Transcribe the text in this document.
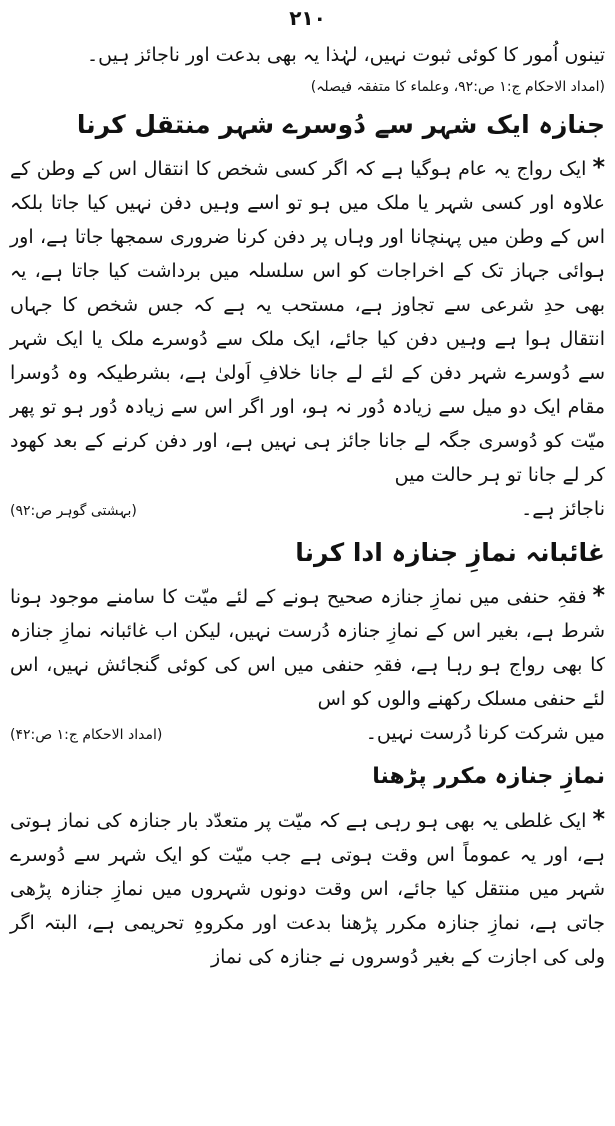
۲۱۰

تینوں اُمور کا کوئی ثبوت نہیں، لہٰذا یہ بھی بدعت اور ناجائز ہیں۔

(امداد الاحکام ج:۱ ص:۹۲، وعلماء کا متفقہ فیصلہ)
جنازہ ایک شہر سے دُوسرے شہر منتقل کرنا

*ایک رواج یہ عام ہوگیا ہے کہ اگر کسی شخص کا انتقال اس کے وطن کے علاوہ اور کسی شہر یا ملک میں ہو تو اسے وہیں دفن نہیں کیا جاتا بلکہ اس کے وطن میں پہنچانا اور وہاں پر دفن کرنا ضروری سمجھا جاتا ہے، اور ہوائی جہاز تک کے اخراجات کو اس سلسلہ میں برداشت کیا جاتا ہے، یہ بھی حدِ شرعی سے تجاوز ہے، مستحب یہ ہے کہ جس شخص کا جہاں انتقال ہوا ہے وہیں دفن کیا جائے، ایک ملک سے دُوسرے ملک یا ایک شہر سے دُوسرے شہر دفن کے لئے لے جانا خلافِ اَولیٰ ہے، بشرطیکہ وہ دُوسرا مقام ایک دو میل سے زیادہ دُور نہ ہو، اور اگر اس سے زیادہ دُور ہو تو پھر میّت کو دُوسری جگہ لے جانا جائز ہی نہیں ہے، اور دفن کرنے کے بعد کھود کر لے جانا تو ہر حالت میں

ناجائز ہے۔
(بہشتی گوہر ص:۹۲)
غائبانہ نمازِ جنازہ ادا کرنا

*فقہِ حنفی میں نمازِ جنازہ صحیح ہونے کے لئے میّت کا سامنے موجود ہونا شرط ہے، بغیر اس کے نمازِ جنازہ دُرست نہیں، لیکن اب غائبانہ نمازِ جنازہ کا بھی رواج ہو رہا ہے، فقہِ حنفی میں اس کی کوئی گنجائش نہیں، اس لئے حنفی مسلک رکھنے والوں کو اس

میں شرکت کرنا دُرست نہیں۔
(امداد الاحکام ج:۱ ص:۴۲)
نمازِ جنازہ مکرر پڑھنا

*ایک غلطی یہ بھی ہو رہی ہے کہ میّت پر متعدّد بار جنازہ کی نماز ہوتی ہے، اور یہ عموماً اس وقت ہوتی ہے جب میّت کو ایک شہر سے دُوسرے شہر میں منتقل کیا جائے، اس وقت دونوں شہروں میں نمازِ جنازہ پڑھی جاتی ہے، نمازِ جنازہ مکرر پڑھنا بدعت اور مکروہِ تحریمی ہے، البتہ اگر ولی کی اجازت کے بغیر دُوسروں نے جنازہ کی نماز
